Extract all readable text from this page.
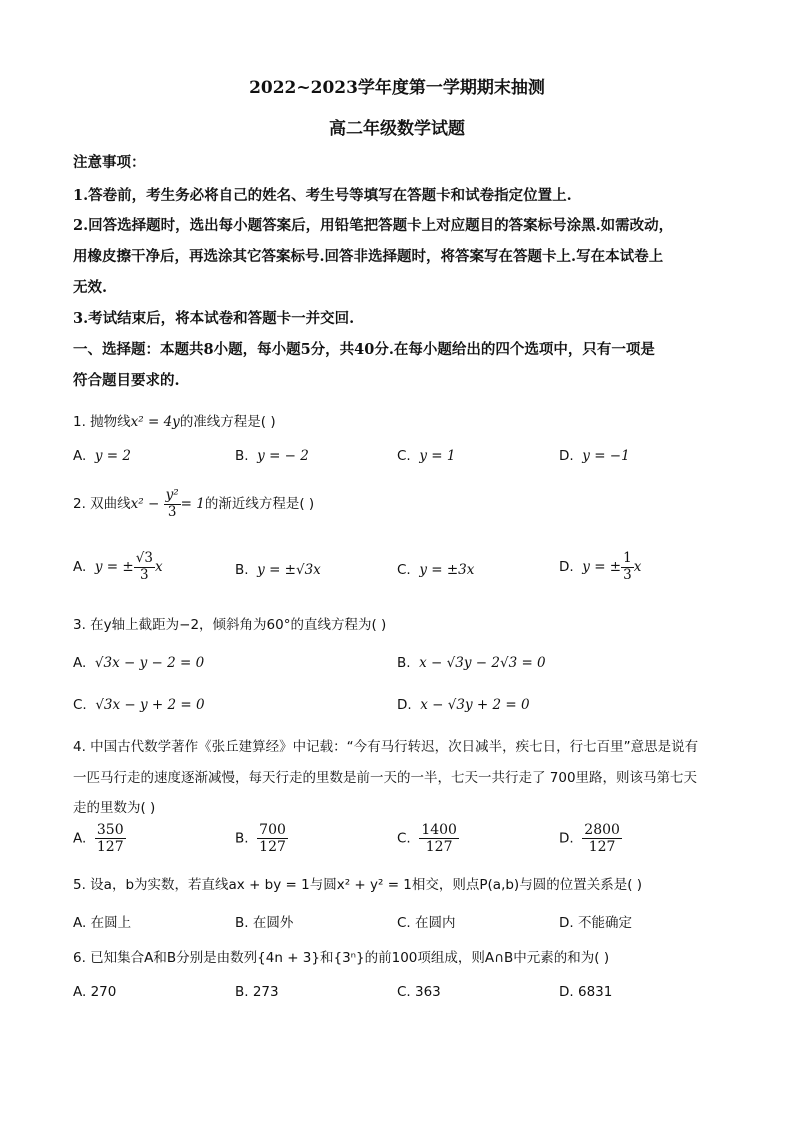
2022~2023学年度第一学期期末抽测
高二年级数学试题
注意事项：
1.答卷前，考生务必将自己的姓名、考生号等填写在答题卡和试卷指定位置上.
2.回答选择题时，选出每小题答案后，用铅笔把答题卡上对应题目的答案标号涂黑.如需改动，
用橡皮擦干净后，再选涂其它答案标号.回答非选择题时，将答案写在答题卡上.写在本试卷上
无效.
3.考试结束后，将本试卷和答题卡一并交回.
一、选择题：本题共8小题，每小题5分，共40分.在每小题给出的四个选项中，只有一项是
符合题目要求的.
1. 抛物线x² = 4y的准线方程是( )
A. y = 2	B. y = − 2	C. y = 1	D. y = −1
2. 双曲线$x^2 - \frac{\text{y²}}{3} = 1$的渐近线方程是( )
A. y = ± $\frac{√3}{3}$ x	B. y = ±√3x	C. y = ±3x	D. y = ± $\frac{1}{3}$ x
3. 在y轴上截距为−2，倾斜角为60°的直线方程为( )
A. √3x − y − 2 = 0	B. x − √3y − 2√3 = 0
C. √3x − y + 2 = 0	D. x − √3y + 2 = 0
4. 中国古代数学著作《张丘建算经》中记载：“今有马行转迟，次日减半，疾七日，行七百里”意思是说有
一匹马行走的速度逐渐减慢，每天行走的里数是前一天的一半，七天一共行走了 700里路，则该马第七天
走的里数为( )
A. $\frac{350}{127}$	B. $\frac{700}{127}$	C. $\frac{1400}{127}$	D. $\frac{2800}{127}$
5. 设a，b为实数，若直线ax + by = 1与圆x² + y² = 1相交，则点P(a,b)与圆的位置关系是( )
A. 在圆上	B. 在圆外	C. 在圆内	D. 不能确定
6. 已知集合A和B分别是由数列{4n + 3}和{3ⁿ}的前100项组成，则A∩B中元素的和为( )
A. 270	B. 273	C. 363	D. 6831
